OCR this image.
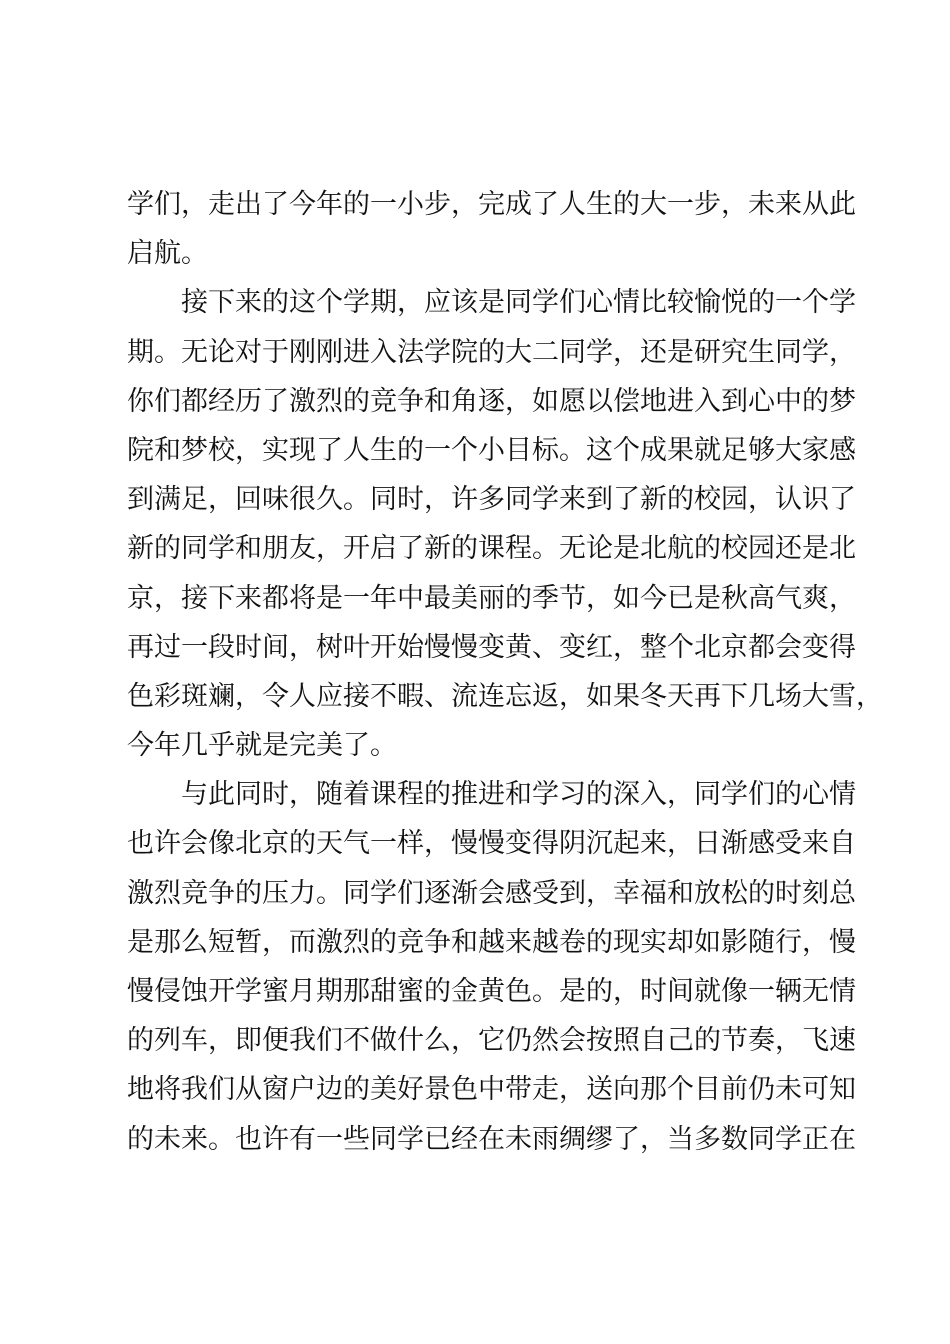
学们，走出了今年的一小步，完成了人生的大一步，未来从此
启航。
接下来的这个学期，应该是同学们心情比较愉悦的一个学
期。无论对于刚刚进入法学院的大二同学，还是研究生同学，
你们都经历了激烈的竞争和角逐，如愿以偿地进入到心中的梦
院和梦校，实现了人生的一个小目标。这个成果就足够大家感
到满足，回味很久。同时，许多同学来到了新的校园，认识了
新的同学和朋友，开启了新的课程。无论是北航的校园还是北
京，接下来都将是一年中最美丽的季节，如今已是秋高气爽，
再过一段时间，树叶开始慢慢变黄、变红，整个北京都会变得
色彩斑斓，令人应接不暇、流连忘返，如果冬天再下几场大雪，
今年几乎就是完美了。
与此同时，随着课程的推进和学习的深入，同学们的心情
也许会像北京的天气一样，慢慢变得阴沉起来，日渐感受来自
激烈竞争的压力。同学们逐渐会感受到，幸福和放松的时刻总
是那么短暂，而激烈的竞争和越来越卷的现实却如影随行，慢
慢侵蚀开学蜜月期那甜蜜的金黄色。是的，时间就像一辆无情
的列车，即便我们不做什么，它仍然会按照自己的节奏，飞速
地将我们从窗户边的美好景色中带走，送向那个目前仍未可知
的未来。也许有一些同学已经在未雨绸缪了，当多数同学正在
